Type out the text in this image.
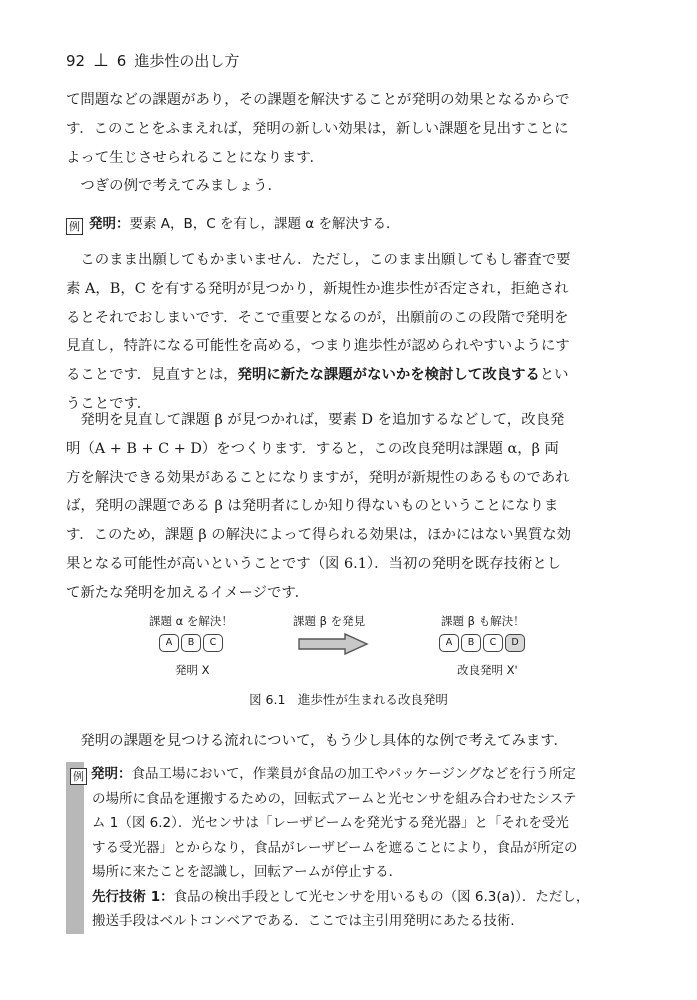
92 ⊥ 6 進歩性の出し方

て問題などの課題があり，その課題を解決することが発明の効果となるからで

す．このことをふまえれば，発明の新しい効果は，新しい課題を見出すことに

よって生じさせられることになります．

つぎの例で考えてみましょう．

例 発明：要素 A，B，C を有し，課題 α を解決する．

このまま出願してもかまいません．ただし，このまま出願してもし審査で要

素 A，B，C を有する発明が見つかり，新規性か進歩性が否定され，拒絶され

るとそれでおしまいです．そこで重要となるのが，出願前のこの段階で発明を

見直し，特許になる可能性を高める，つまり進歩性が認められやすいようにす

ることです．見直すとは，発明に新たな課題がないかを検討して改良するとい

うことです．

発明を見直して課題 β が見つかれば，要素 D を追加するなどして，改良発

明（A + B + C + D）をつくります．すると，この改良発明は課題 α，β 両

方を解決できる効果があることになりますが，発明が新規性のあるものであれ

ば，発明の課題である β は発明者にしか知り得ないものということになりま

す．このため，課題 β の解決によって得られる効果は，ほかにはない異質な効

果となる可能性が高いということです（図 6.1）．当初の発明を既存技術とし

て新たな発明を加えるイメージです．

課題 α を解決！
A	B	C
発明 X
課題 β を発見	課題 β も解決！
A	B	C	D
改良発明 X'
図 6.1　進歩性が生まれる改良発明

発明の課題を見つける流れについて，もう少し具体的な例で考えてみます．

例 発明：食品工場において，作業員が食品の加工やパッケージングなどを行う所定
の場所に食品を運搬するための，回転式アームと光センサを組み合わせたシステ
ム 1（図 6.2）．光センサは「レーザビームを発光する発光器」と「それを受光
する受光器」とからなり，食品がレーザビームを遮ることにより，食品が所定の
場所に来たことを認識し，回転アームが停止する．
先行技術 1：食品の検出手段として光センサを用いるもの（図 6.3(a)）．ただし，
搬送手段はベルトコンベアである．ここでは主引用発明にあたる技術．
